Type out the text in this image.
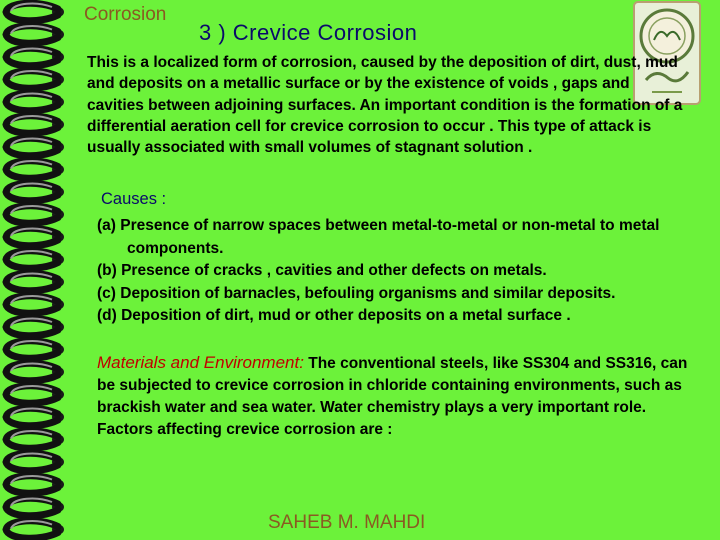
Corrosion
3 ) Crevice Corrosion
This is a localized form of corrosion, caused by the deposition of dirt, dust, mud and deposits on a metallic surface or by the existence of voids , gaps and cavities between adjoining surfaces. An important condition is the formation of a differential aeration cell for crevice corrosion to occur . This type of attack is usually associated with small volumes of stagnant solution .
Causes :
(a) Presence of narrow spaces between metal-to-metal or non-metal to metal components.
(b) Presence of cracks , cavities and other defects on metals.
(c) Deposition of barnacles, befouling organisms and similar deposits.
(d) Deposition of dirt, mud or other deposits on a metal surface .
Materials and Environment: The conventional steels, like SS304 and SS316, can be subjected to crevice corrosion in chloride containing environments, such as brackish water and sea water. Water chemistry plays a very important role. Factors affecting crevice corrosion are :
SAHEB M. MAHDI
